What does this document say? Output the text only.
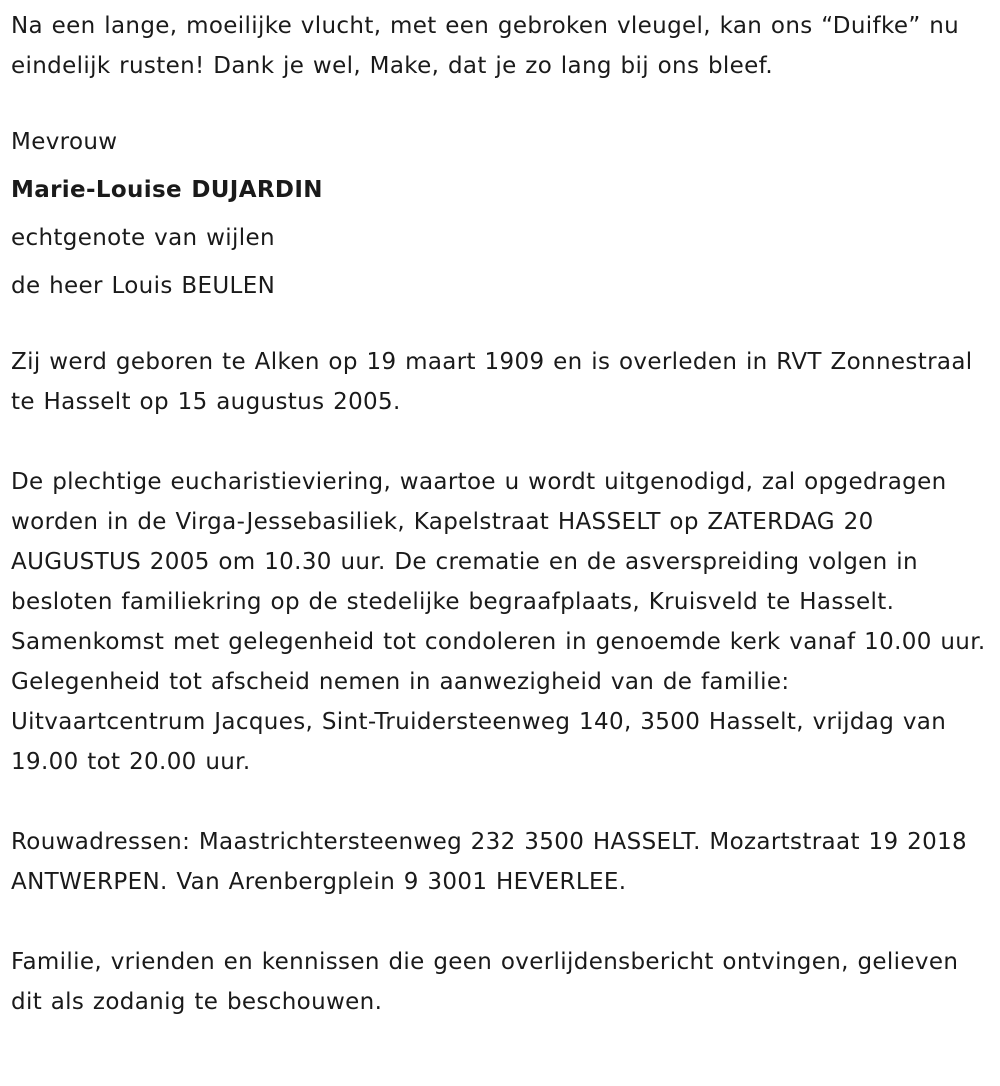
Na een lange, moeilijke vlucht, met een gebroken vleugel, kan ons “Duifke” nu eindelijk rusten! Dank je wel, Make, dat je zo lang bij ons bleef.

Mevrouw

Marie-Louise DUJARDIN

echtgenote van wijlen

de heer Louis BEULEN

Zij werd geboren te Alken op 19 maart 1909 en is overleden in RVT Zonnestraal te Hasselt op 15 augustus 2005.

De plechtige eucharistieviering, waartoe u wordt uitgenodigd, zal opgedragen worden in de Virga-Jessebasiliek, Kapelstraat HASSELT op ZATERDAG 20 AUGUSTUS 2005 om 10.30 uur. De crematie en de asverspreiding volgen in besloten familiekring op de stedelijke begraafplaats, Kruisveld te Hasselt. Samenkomst met gelegenheid tot condoleren in genoemde kerk vanaf 10.00 uur. Gelegenheid tot afscheid nemen in aanwezigheid van de familie: Uitvaartcentrum Jacques, Sint-Truidersteenweg 140, 3500 Hasselt, vrijdag van 19.00 tot 20.00 uur.

Rouwadressen: Maastrichtersteenweg 232 3500 HASSELT. Mozartstraat 19 2018 ANTWERPEN. Van Arenbergplein 9 3001 HEVERLEE.

Familie, vrienden en kennissen die geen overlijdensbericht ontvingen, gelieven dit als zodanig te beschouwen.
